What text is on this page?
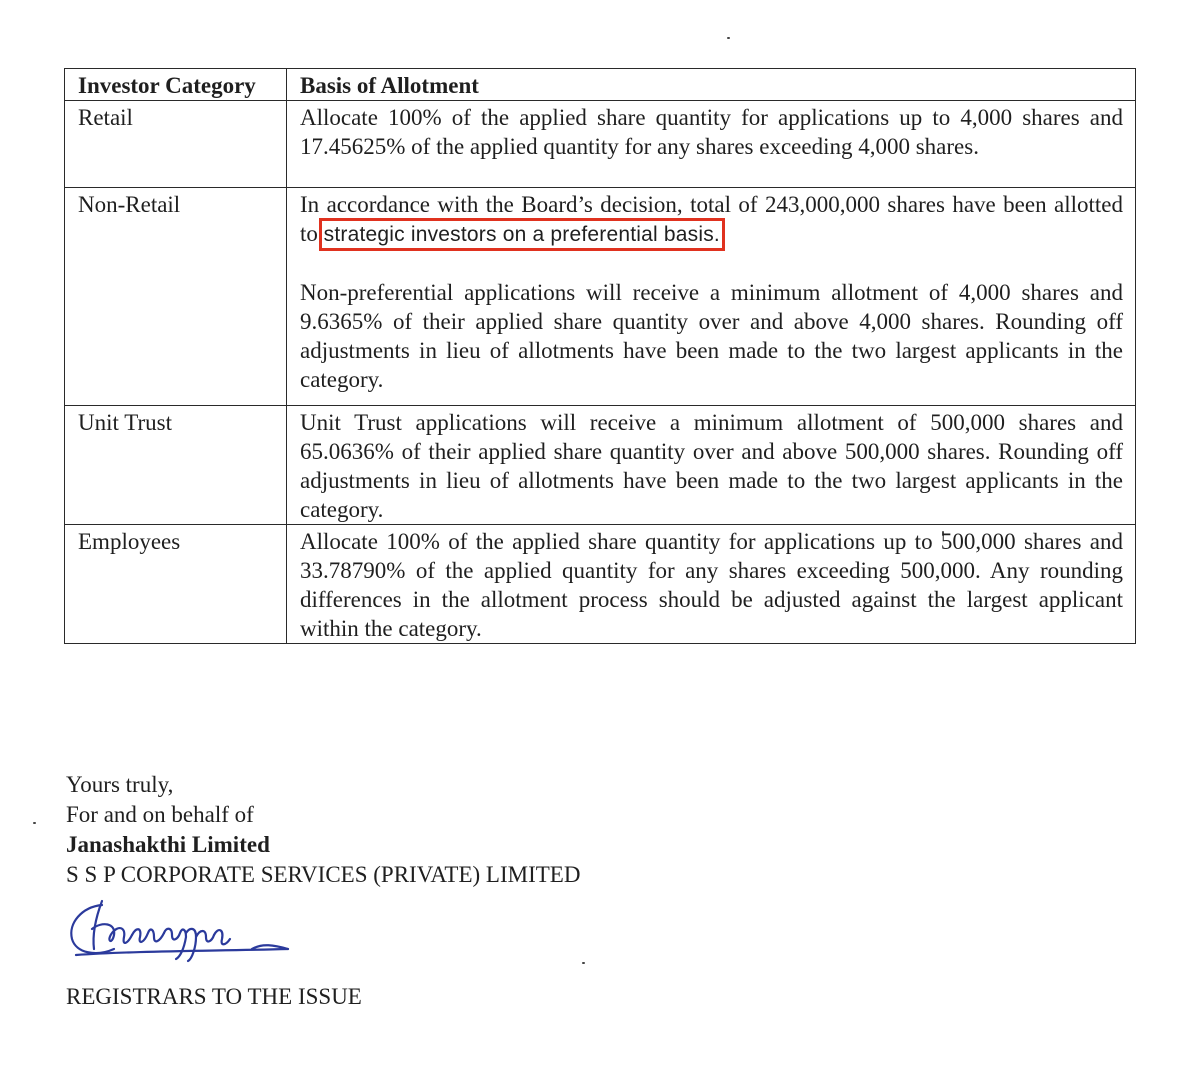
Investor Category	Basis of Allotment
Retail	Allocate 100% of the applied share quantity for applications up to 4,000 shares and 17.45625% of the applied quantity for any shares exceeding 4,000 shares.

Non-Retail	In accordance with the Board’s decision, total of 243,000,000 shares have been allotted to strategic investors on a preferential basis.

Non-preferential applications will receive a minimum allotment of 4,000 shares and 9.6365% of their applied share quantity over and above 4,000 shares. Rounding off adjustments in lieu of allotments have been made to the two largest applicants in the category.

Unit Trust	Unit Trust applications will receive a minimum allotment of 500,000 shares and 65.0636% of their applied share quantity over and above 500,000 shares. Rounding off adjustments in lieu of allotments have been made to the two largest applicants in the category.

Employees	Allocate 100% of the applied share quantity for applications up to 500,000 shares and 33.78790% of the applied quantity for any shares exceeding 500,000. Any rounding differences in the allotment process should be adjusted against the largest applicant within the category.

Yours truly,
For and on behalf of
Janashakthi Limited
S S P CORPORATE SERVICES (PRIVATE) LIMITED
REGISTRARS TO THE ISSUE
